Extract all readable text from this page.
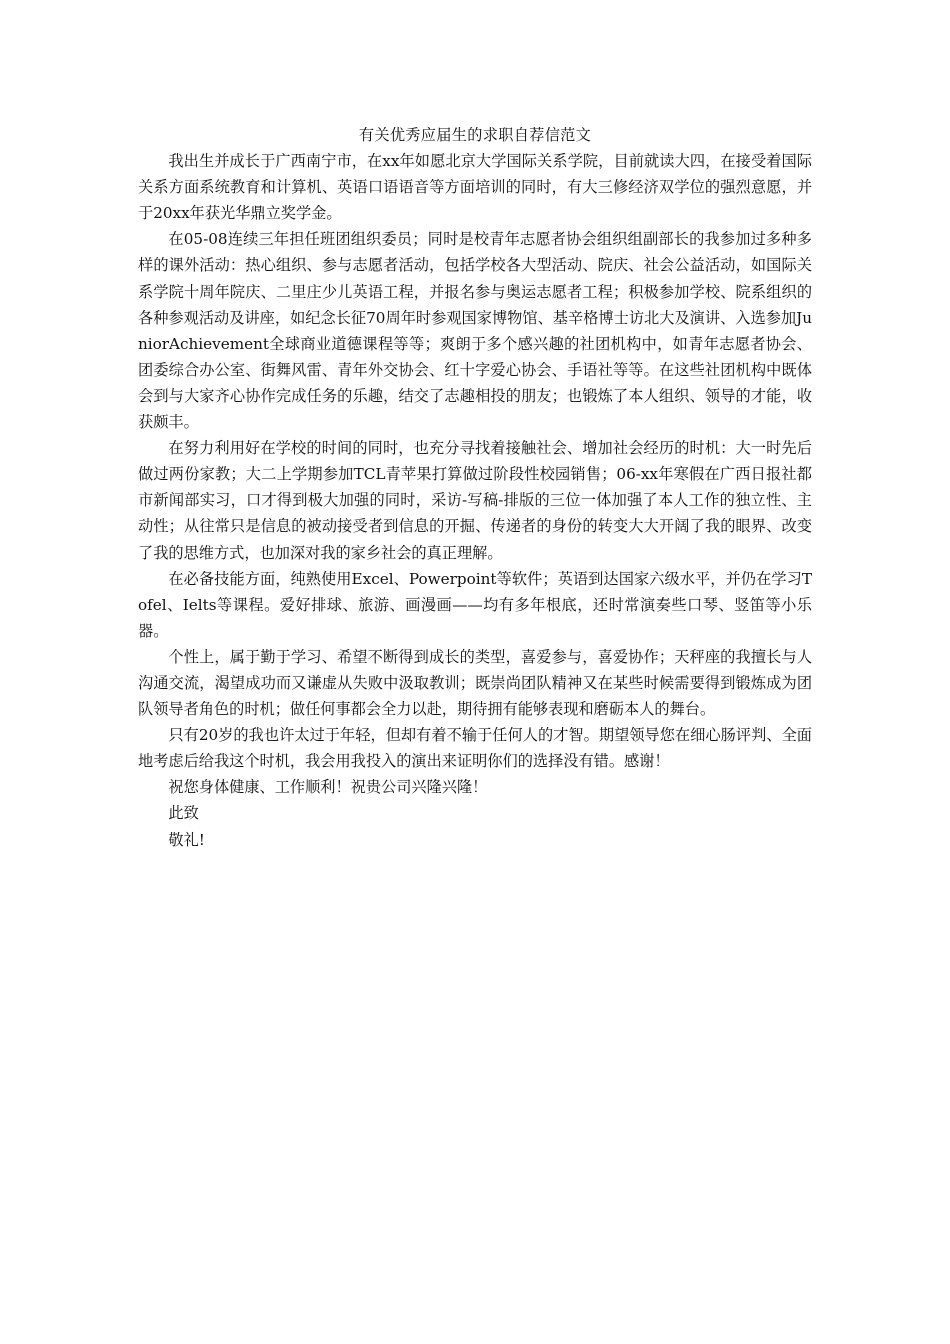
有关优秀应届生的求职自荐信范文

我出生并成长于广西南宁市，在xx年如愿北京大学国际关系学院，目前就读大四，在接受着国际关系方面系统教育和计算机、英语口语语音等方面培训的同时，有大三修经济双学位的强烈意愿，并于20xx年获光华鼎立奖学金。

在05-08连续三年担任班团组织委员；同时是校青年志愿者协会组织组副部长的我参加过多种多样的课外活动：热心组织、参与志愿者活动，包括学校各大型活动、院庆、社会公益活动，如国际关系学院十周年院庆、二里庄少儿英语工程，并报名参与奥运志愿者工程；积极参加学校、院系组织的各种参观活动及讲座，如纪念长征70周年时参观国家博物馆、基辛格博士访北大及演讲、入选参加JuniorAchievement全球商业道德课程等等；爽朗于多个感兴趣的社团机构中，如青年志愿者协会、团委综合办公室、街舞风雷、青年外交协会、红十字爱心协会、手语社等等。在这些社团机构中既体会到与大家齐心协作完成任务的乐趣，结交了志趣相投的朋友；也锻炼了本人组织、领导的才能，收获颇丰。

在努力利用好在学校的时间的同时，也充分寻找着接触社会、增加社会经历的时机：大一时先后做过两份家教；大二上学期参加TCL青苹果打算做过阶段性校园销售；06-xx年寒假在广西日报社都市新闻部实习，口才得到极大加强的同时，采访-写稿-排版的三位一体加强了本人工作的独立性、主动性；从往常只是信息的被动接受者到信息的开掘、传递者的身份的转变大大开阔了我的眼界、改变了我的思维方式，也加深对我的家乡社会的真正理解。

在必备技能方面，纯熟使用Excel、Powerpoint等软件；英语到达国家六级水平，并仍在学习Tofel、Ielts等课程。爱好排球、旅游、画漫画——均有多年根底，还时常演奏些口琴、竖笛等小乐器。

个性上，属于勤于学习、希望不断得到成长的类型，喜爱参与，喜爱协作；天秤座的我擅长与人沟通交流，渴望成功而又谦虚从失败中汲取教训；既崇尚团队精神又在某些时候需要得到锻炼成为团队领导者角色的时机；做任何事都会全力以赴，期待拥有能够表现和磨砺本人的舞台。

只有20岁的我也许太过于年轻，但却有着不输于任何人的才智。期望领导您在细心肠评判、全面地考虑后给我这个时机，我会用我投入的演出来证明你们的选择没有错。感谢！

祝您身体健康、工作顺利！祝贵公司兴隆兴隆！

此致

敬礼!
